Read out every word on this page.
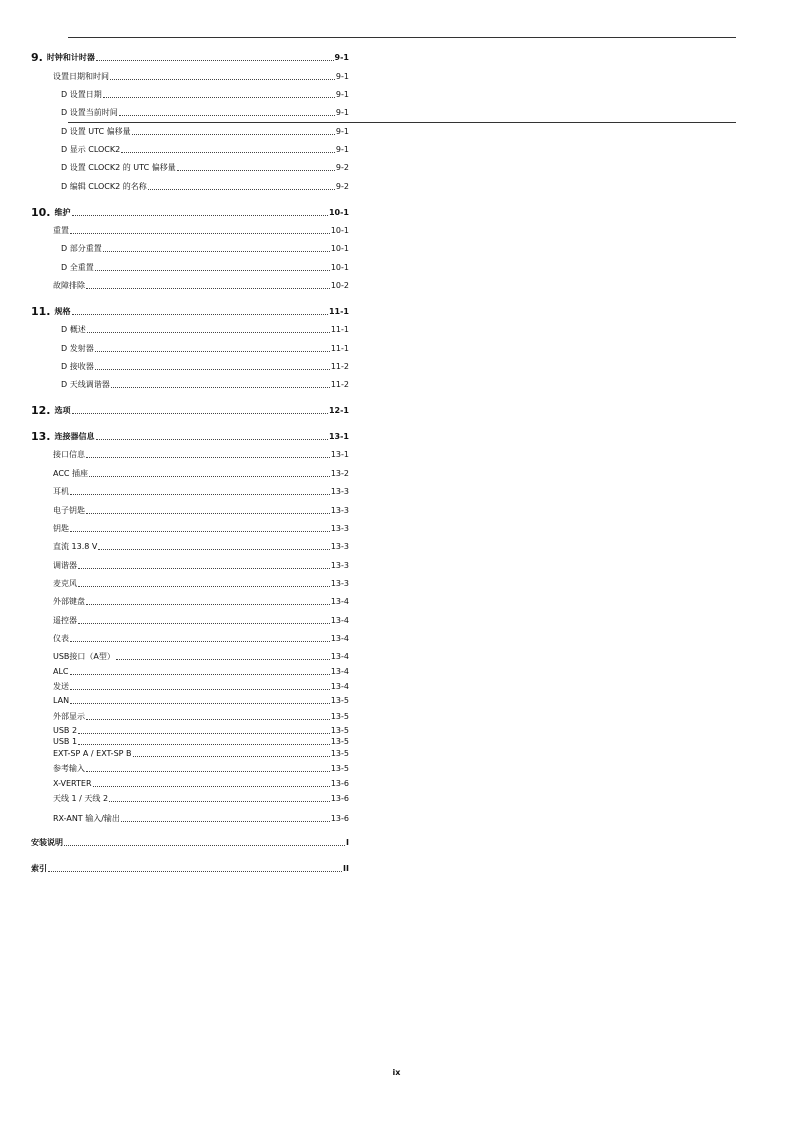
9. 时钟和计时器	9-1
设置日期和时间	9-1
D 设置日期	9-1
D 设置当前时间	9-1
D 设置 UTC 偏移量	9-1
D 显示 CLOCK2	9-1
D 设置 CLOCK2 的 UTC 偏移量	9-2
D 编辑 CLOCK2 的名称	9-2
10. 维护	10-1
重置	10-1
D 部分重置	10-1
D 全重置	10-1
故障排除	10-2
11. 规格	11-1
D 概述	11-1
D 发射器	11-1
D 接收器	11-2
D 天线调谐器	11-2
12. 选项	12-1
13. 连接器信息	13-1
接口信息	13-1
ACC 插座	13-2
耳机	13-3
电子钥匙	13-3
钥匙	13-3
直流 13.8 V	13-3
调谐器	13-3
麦克风	13-3
外部键盘	13-4
遥控器	13-4
仪表	13-4
USB接口（A型）	13-4
ALC	13-4
发送	13-4
LAN	13-5
外部显示	13-5
USB 2	13-5
USB 1	13-5
EXT-SP A / EXT-SP B	13-5
参考输入	13-5
X-VERTER	13-6
天线 1 / 天线 2	13-6
RX-ANT 输入/输出	13-6
安装说明	I
索引	II
ix
